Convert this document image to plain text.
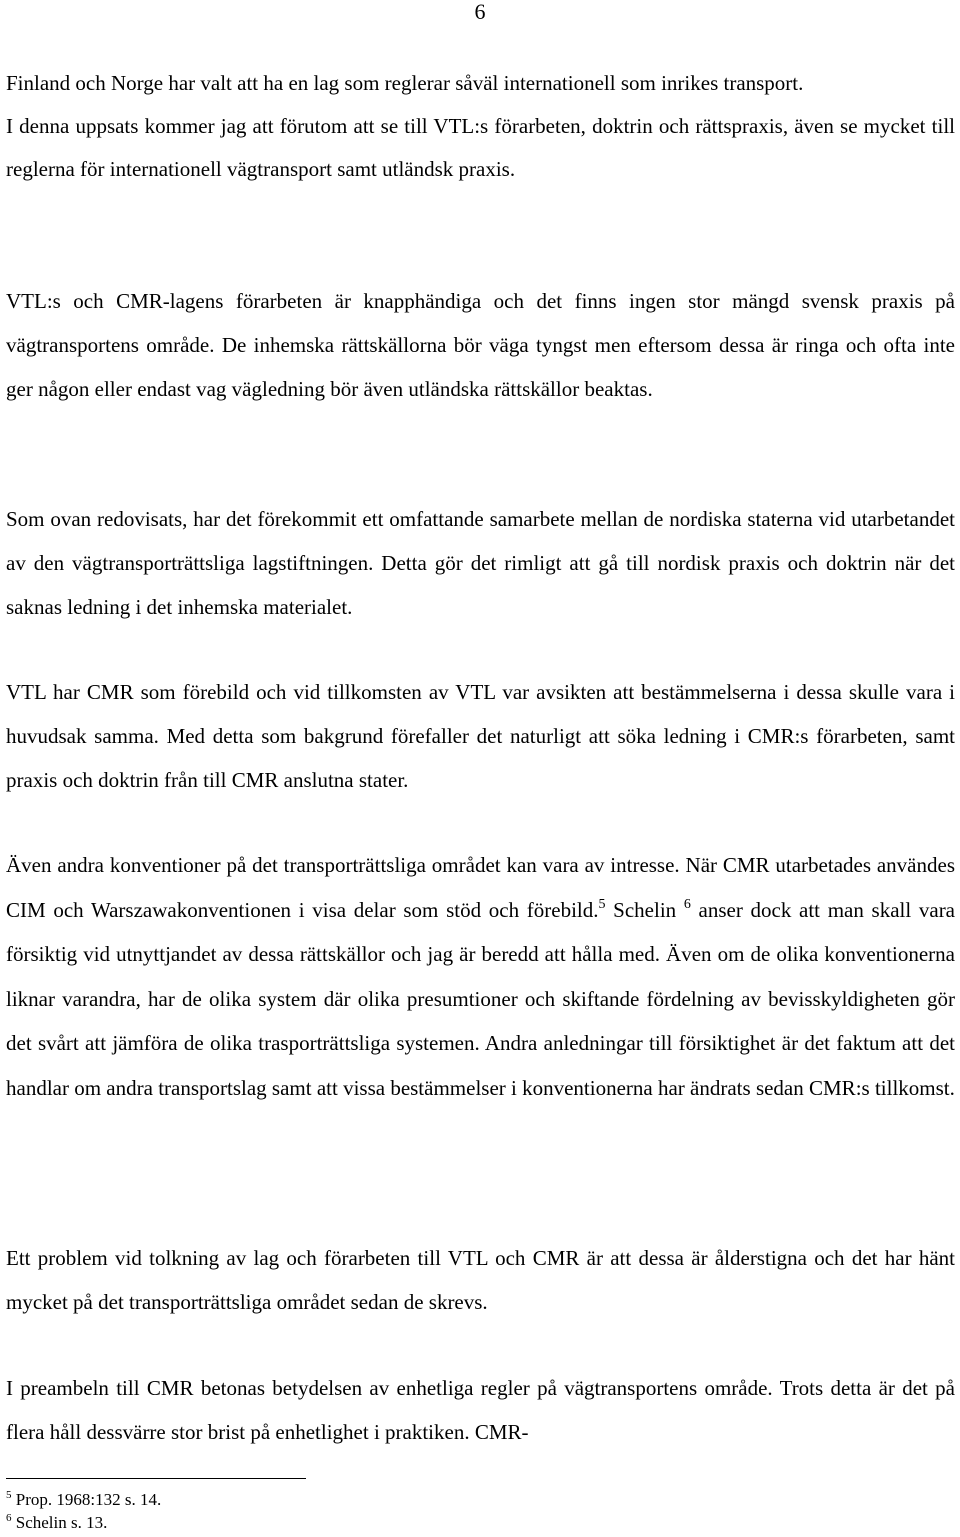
6

Finland och Norge har valt att ha en lag som reglerar såväl internationell som inrikes transport.

I denna uppsats kommer jag att förutom att se till VTL:s förarbeten, doktrin och rättspraxis, även se mycket till reglerna för internationell vägtransport samt utländsk praxis.

VTL:s och CMR-lagens förarbeten är knapphändiga och det finns ingen stor mängd svensk praxis på vägtransportens område. De inhemska rättskällorna bör väga tyngst men eftersom dessa är ringa och ofta inte ger någon eller endast vag vägledning bör även utländska rättskällor beaktas.

Som ovan redovisats, har det förekommit ett omfattande samarbete mellan de nordiska staterna vid utarbetandet av den vägtransporträttsliga lagstiftningen. Detta gör det rimligt att gå till nordisk praxis och doktrin när det saknas ledning i det inhemska materialet.

VTL har CMR som förebild och vid tillkomsten av VTL var avsikten att bestämmelserna i dessa skulle vara i huvudsak samma. Med detta som bakgrund förefaller det naturligt att söka ledning i CMR:s förarbeten, samt praxis och doktrin från till CMR anslutna stater.

Även andra konventioner på det transporträttsliga området kan vara av intresse. När CMR utarbetades användes CIM och Warszawakonventionen i visa delar som stöd och förebild.$^5$ Schelin $^6$ anser dock att man skall vara försiktig vid utnyttjandet av dessa rättskällor och jag är beredd att hålla med. Även om de olika konventionerna liknar varandra, har de olika system där olika presumtioner och skiftande fördelning av bevisskyldigheten gör det svårt att jämföra de olika trasporträttsliga systemen. Andra anledningar till försiktighet är det faktum att det handlar om andra transportslag samt att vissa bestämmelser i konventionerna har ändrats sedan CMR:s tillkomst.

Ett problem vid tolkning av lag och förarbeten till VTL och CMR är att dessa är ålderstigna och det har hänt mycket på det transporträttsliga området sedan de skrevs.

I preambeln till CMR betonas betydelsen av enhetliga regler på vägtransportens område. Trots detta är det på flera håll dessvärre stor brist på enhetlighet i praktiken. CMR-

$^5$ Prop. 1968:132 s. 14.
$^6$ Schelin s. 13.
